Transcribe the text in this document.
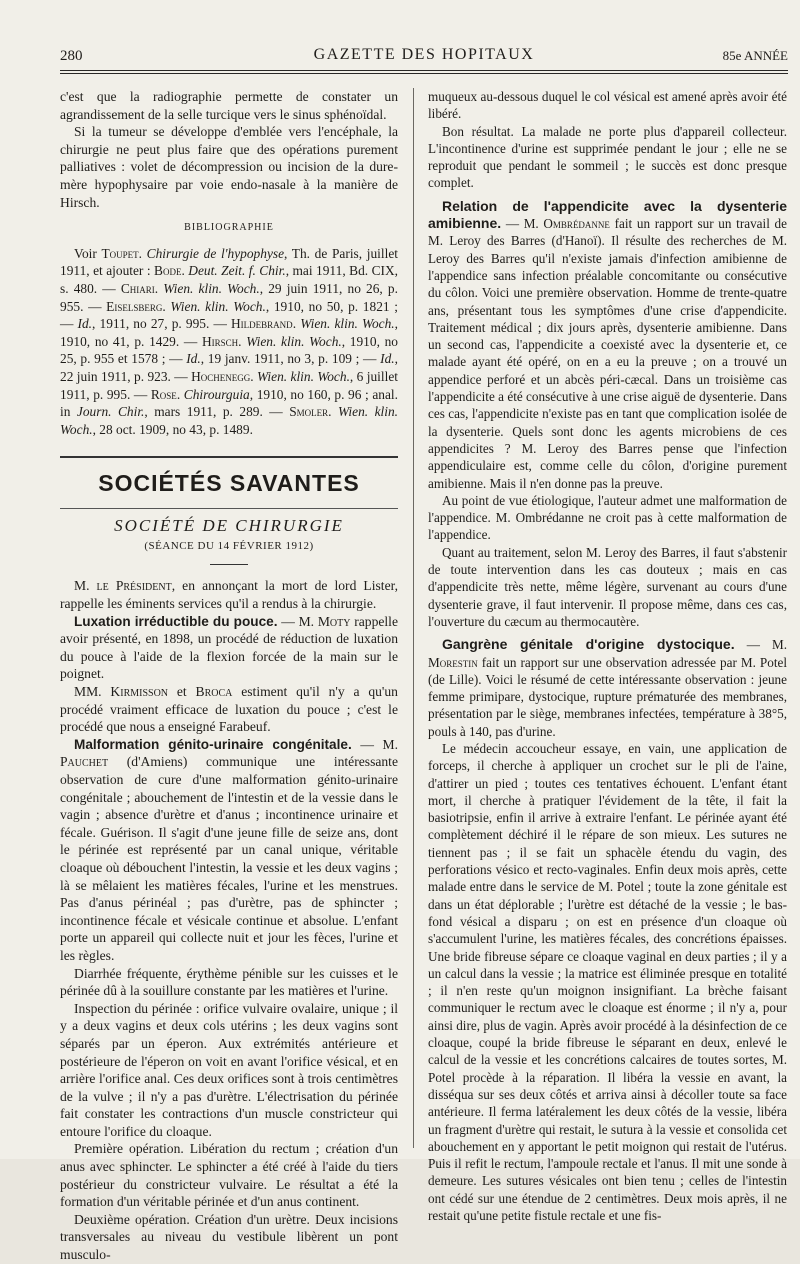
280	GAZETTE DES HOPITAUX	85e ANNÉE

c'est que la radiographie permette de constater un agrandissement de la selle turcique vers le sinus sphénoïdal.

Si la tumeur se développe d'emblée vers l'encéphale, la chirurgie ne peut plus faire que des opérations purement palliatives : volet de décompression ou incision de la dure-mère hypophysaire par voie endo-nasale à la manière de Hirsch.

BIBLIOGRAPHIE

Voir Toupet. Chirurgie de l'hypophyse, Th. de Paris, juillet 1911, et ajouter : Bode. Deut. Zeit. f. Chir., mai 1911, Bd. CIX, s. 480. — Chiari. Wien. klin. Woch., 29 juin 1911, no 26, p. 955. — Eiselsberg. Wien. klin. Woch., 1910, no 50, p. 1821 ; — Id., 1911, no 27, p. 995. — Hildebrand. Wien. klin. Woch., 1910, no 41, p. 1429. — Hirsch. Wien. klin. Woch., 1910, no 25, p. 955 et 1578 ; — Id., 19 janv. 1911, no 3, p. 109 ; — Id., 22 juin 1911, p. 923. — Hochenegg. Wien. klin. Woch., 6 juillet 1911, p. 995. — Rose. Chirourguia, 1910, no 160, p. 96 ; anal. in Journ. Chir., mars 1911, p. 289. — Smoler. Wien. klin. Woch., 28 oct. 1909, no 43, p. 1489.

SOCIÉTÉS SAVANTES
SOCIÉTÉ DE CHIRURGIE
(SÉANCE DU 14 FÉVRIER 1912)

M. le Président, en annonçant la mort de lord Lister, rappelle les éminents services qu'il a rendus à la chirurgie.

Luxation irréductible du pouce. — M. Moty rappelle avoir présenté, en 1898, un procédé de réduction de luxation du pouce à l'aide de la flexion forcée de la main sur le poignet.

MM. Kirmisson et Broca estiment qu'il n'y a qu'un procédé vraiment efficace de luxation du pouce ; c'est le procédé que nous a enseigné Farabeuf.

Malformation génito-urinaire congénitale. — M. Pauchet (d'Amiens) communique une intéressante observation de cure d'une malformation génito-urinaire congénitale ; abouchement de l'intestin et de la vessie dans le vagin ; absence d'urètre et d'anus ; incontinence urinaire et fécale. Guérison. Il s'agit d'une jeune fille de seize ans, dont le périnée est représenté par un canal unique, véritable cloaque où débouchent l'intestin, la vessie et les deux vagins ; là se mêlaient les matières fécales, l'urine et les menstrues. Pas d'anus périnéal ; pas d'urètre, pas de sphincter ; incontinence fécale et vésicale continue et absolue. L'enfant porte un appareil qui collecte nuit et jour les fèces, l'urine et les règles.

Diarrhée fréquente, érythème pénible sur les cuisses et le périnée dû à la souillure constante par les matières et l'urine.

Inspection du périnée : orifice vulvaire ovalaire, unique ; il y a deux vagins et deux cols utérins ; les deux vagins sont séparés par un éperon. Aux extrémités antérieure et postérieure de l'éperon on voit en avant l'orifice vésical, et en arrière l'orifice anal. Ces deux orifices sont à trois centimètres de la vulve ; il n'y a pas d'urètre. L'électrisation du périnée fait constater les contractions d'un muscle constricteur qui entoure l'orifice du cloaque.

Première opération. Libération du rectum ; création d'un anus avec sphincter. Le sphincter a été créé à l'aide du tiers postérieur du constricteur vulvaire. Le résultat a été la formation d'un véritable périnée et d'un anus continent.

Deuxième opération. Création d'un urètre. Deux incisions transversales au niveau du vestibule libèrent un pont musculo-

muqueux au-dessous duquel le col vésical est amené après avoir été libéré.

Bon résultat. La malade ne porte plus d'appareil collecteur. L'incontinence d'urine est supprimée pendant le jour ; elle ne se reproduit que pendant le sommeil ; le succès est donc presque complet.

Relation de l'appendicite avec la dysenterie amibienne. — M. Ombrédanne fait un rapport sur un travail de M. Leroy des Barres (d'Hanoï). Il résulte des recherches de M. Leroy des Barres qu'il n'existe jamais d'infection amibienne de l'appendice sans infection préalable concomitante ou consécutive du côlon. Voici une première observation. Homme de trente-quatre ans, présentant tous les symptômes d'une crise d'appendicite. Traitement médical ; dix jours après, dysenterie amibienne. Dans un second cas, l'appendicite a coexisté avec la dysenterie et, ce malade ayant été opéré, on en a eu la preuve ; on a trouvé un appendice perforé et un abcès péri-cæcal. Dans un troisième cas l'appendicite a été consécutive à une crise aiguë de dysenterie. Dans ces cas, l'appendicite n'existe pas en tant que complication isolée de la dysenterie. Quels sont donc les agents microbiens de ces appendicites ? M. Leroy des Barres pense que l'infection appendiculaire est, comme celle du côlon, d'origine purement amibienne. Mais il n'en donne pas la preuve.

Au point de vue étiologique, l'auteur admet une malformation de l'appendice. M. Ombrédanne ne croit pas à cette malformation de l'appendice.

Quant au traitement, selon M. Leroy des Barres, il faut s'abstenir de toute intervention dans les cas douteux ; mais en cas d'appendicite très nette, même légère, survenant au cours d'une dysenterie grave, il faut intervenir. Il propose même, dans ces cas, l'ouverture du cæcum au thermocautère.

Gangrène génitale d'origine dystocique. — M. Morestin fait un rapport sur une observation adressée par M. Potel (de Lille). Voici le résumé de cette intéressante observation : jeune femme primipare, dystocique, rupture prématurée des membranes, présentation par le siège, membranes infectées, température à 38°5, pouls à 140, pas d'urine.

Le médecin accoucheur essaye, en vain, une application de forceps, il cherche à appliquer un crochet sur le pli de l'aine, d'attirer un pied ; toutes ces tentatives échouent. L'enfant étant mort, il cherche à pratiquer l'évidement de la tête, il fait la basiotripsie, enfin il arrive à extraire l'enfant. Le périnée ayant été complètement déchiré il le répare de son mieux. Les sutures ne tiennent pas ; il se fait un sphacèle étendu du vagin, des perforations vésico et recto-vaginales. Enfin deux mois après, cette malade entre dans le service de M. Potel ; toute la zone génitale est dans un état déplorable ; l'urètre est détaché de la vessie ; le bas-fond vésical a disparu ; on est en présence d'un cloaque où s'accumulent l'urine, les matières fécales, des concrétions épaisses. Une bride fibreuse sépare ce cloaque vaginal en deux parties ; il y a un calcul dans la vessie ; la matrice est éliminée presque en totalité ; il n'en reste qu'un moignon insignifiant. La brèche faisant communiquer le rectum avec le cloaque est énorme ; il n'y a, pour ainsi dire, plus de vagin. Après avoir procédé à la désinfection de ce cloaque, coupé la bride fibreuse le séparant en deux, enlevé le calcul de la vessie et les concrétions calcaires de toutes sortes, M. Potel procède à la réparation. Il libéra la vessie en avant, la disséqua sur ses deux côtés et arriva ainsi à décoller toute sa face antérieure. Il ferma latéralement les deux côtés de la vessie, libéra un fragment d'urètre qui restait, le sutura à la vessie et consolida cet abouchement en y apportant le petit moignon qui restait de l'utérus. Puis il refit le rectum, l'ampoule rectale et l'anus. Il mit une sonde à demeure. Les sutures vésicales ont bien tenu ; celles de l'intestin ont cédé sur une étendue de 2 centimètres. Deux mois après, il ne restait qu'une petite fistule rectale et une fis-
